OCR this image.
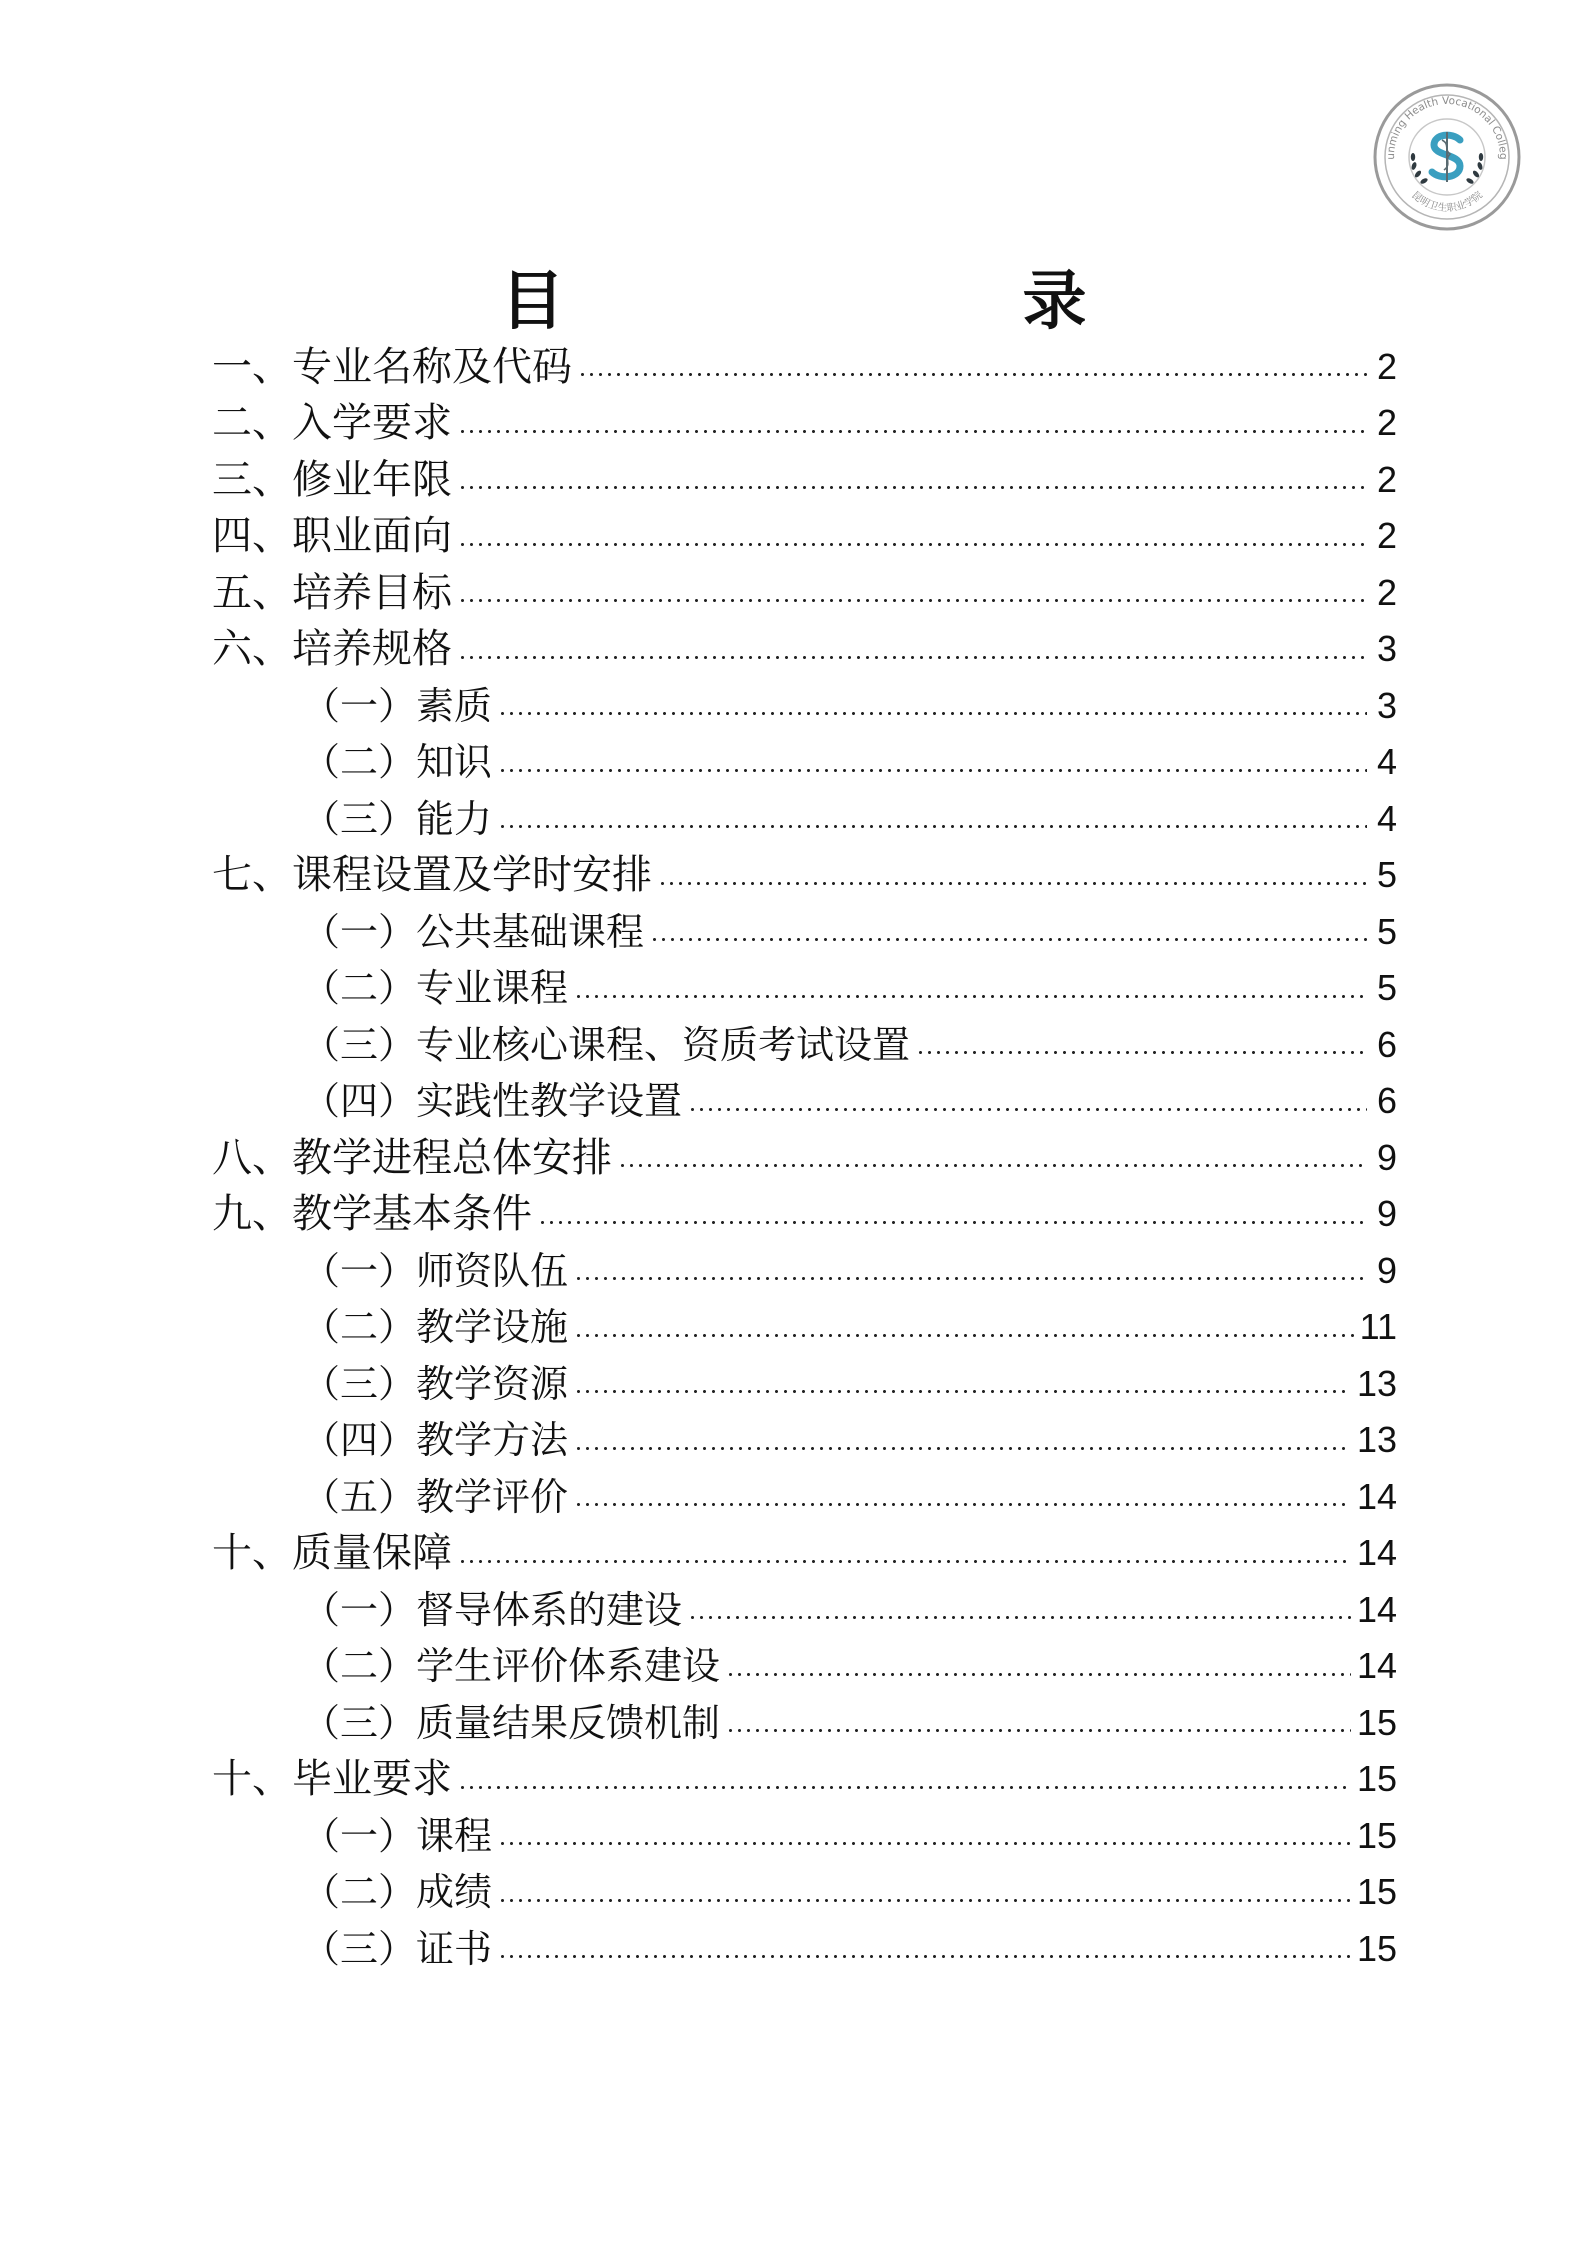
unming Health Vocational Colleg
昆明卫生职业学院
目　　录
一、专业名称及代码	2
二、入学要求	2
三、修业年限	2
四、职业面向	2
五、培养目标	2
六、培养规格	3
（一）素质	3
（二）知识	4
（三）能力	4
七、课程设置及学时安排	5
（一）公共基础课程	5
（二）专业课程	5
（三）专业核心课程、资质考试设置	6
（四）实践性教学设置	6
八、教学进程总体安排	9
九、教学基本条件	9
（一）师资队伍	9
（二）教学设施	11
（三）教学资源	13
（四）教学方法	13
（五）教学评价	14
十、质量保障	14
（一）督导体系的建设	14
（二）学生评价体系建设	14
（三）质量结果反馈机制	15
十、毕业要求	15
（一）课程	15
（二）成绩	15
（三）证书	15
